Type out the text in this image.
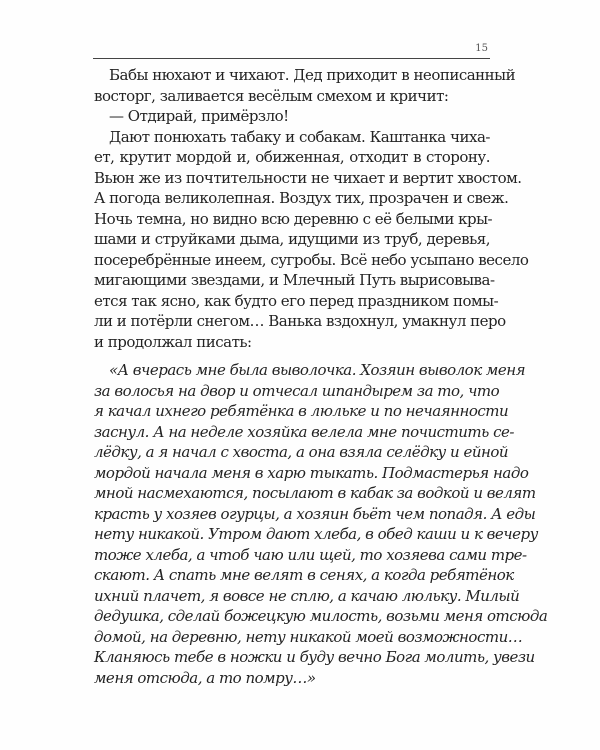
15
Бабы нюхают и чихают. Дед приходит в неописанный
восторг, заливается весёлым смехом и кричит:
— Отдирай, примёрзло!
Дают понюхать табаку и собакам. Каштанка чиха-
ет, крутит мордой и, обиженная, отходит в сторону.
Вьюн же из почтительности не чихает и вертит хвостом.
А погода великолепная. Воздух тих, прозрачен и свеж.
Ночь темна, но видно всю деревню с её белыми кры-
шами и струйками дыма, идущими из труб, деревья,
посеребрённые инеем, сугробы. Всё небо усыпано весело
мигающими звездами, и Млечный Путь вырисовыва-
ется так ясно, как будто его перед праздником помы-
ли и потёрли снегом… Ванька вздохнул, умакнул перо
и продолжал писать:
«А вчерась мне была выволочка. Хозяин выволок меня
за волосья на двор и отчесал шпандырем за то, что
я качал ихнего ребятёнка в люльке и по нечаянности
заснул. А на неделе хозяйка велела мне почистить се-
лёдку, а я начал с хвоста, а она взяла селёдку и ейной
мордой начала меня в харю тыкать. Подмастерья надо
мной насмехаются, посылают в кабак за водкой и велят
красть у хозяев огурцы, а хозяин бьёт чем попадя. А еды
нету никакой. Утром дают хлеба, в обед каши и к вечеру
тоже хлеба, а чтоб чаю или щей, то хозяева сами тре-
скают. А спать мне велят в сенях, а когда ребятёнок
ихний плачет, я вовсе не сплю, а качаю люльку. Милый
дедушка, сделай божецкую милость, возьми меня отсюда
домой, на деревню, нету никакой моей возможности…
Кланяюсь тебе в ножки и буду вечно Бога молить, увези
меня отсюда, а то помру…»
